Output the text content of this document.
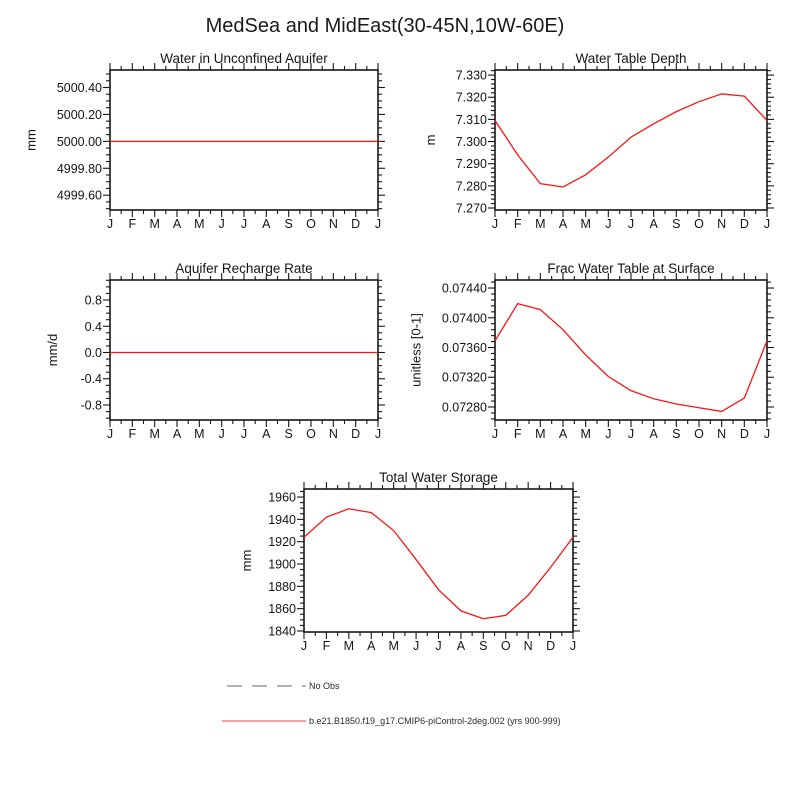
MedSea and MidEast(30-45N,10W-60E)
Water in Unconfined Aquifer
5000.40
5000.20
5000.00
4999.80
4999.60
J F M A M J J A S O N D J
mm
Water Table Depth
7.330
7.320
7.310
7.300
7.290
7.280
7.270
J F M A M J J A S O N D J
m
Aquifer Recharge Rate
0.8
0.4
0.0
-0.4
-0.8
J F M A M J J A S O N D J
mm/d
Frac Water Table at Surface
0.07440
0.07400
0.07360
0.07320
0.07280
J F M A M J J A S O N D J
unitless [0-1]
Total Water Storage
1960
1940
1920
1900
1880
1860
1840
J F M A M J J A S O N D J
mm
No Obs
b.e21.B1850.f19_g17.CMIP6-piControl-2deg.002 (yrs 900-999)
